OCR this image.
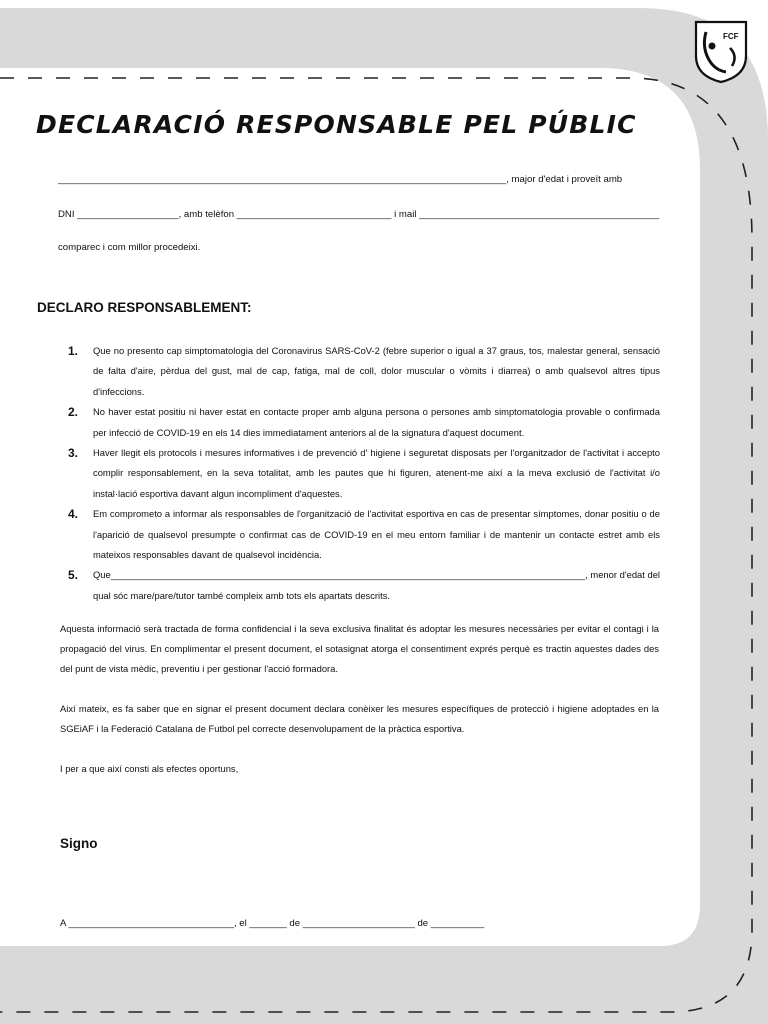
FCF
DECLARACIÓ RESPONSABLE PEL PÚBLIC
____________________________________________________________________________________, major d'edat i proveït amb
DNI ___________________, amb telèfon _____________________________ i mail _____________________________________________
comparec i com millor procedeixi.
DECLARO RESPONSABLEMENT:
1. Que no presento cap simptomatologia del Coronavirus SARS-CoV-2 (febre superior o igual a 37 graus, tos, malestar general, sensació de falta d'aire, pèrdua del gust, mal de cap, fatiga, mal de coll, dolor muscular o vòmits i diarrea) o amb qualsevol altres tipus d'infeccions.
2. No haver estat positiu ni haver estat en contacte proper amb alguna persona o persones amb simptomatologia provable o confirmada per infecció de COVID-19 en els 14 dies immediatament anteriors al de la signatura d'aquest document.
3. Haver llegit els protocols i mesures informatives i de prevenció d' higiene i seguretat disposats per l'organitzador de l'activitat i accepto complir responsablement, en la seva totalitat, amb les pautes que hi figuren, atenent-me així a la meva exclusió de l'activitat i/o instal·lació esportiva davant algun incompliment d'aquestes.
4. Em comprometo a informar als responsables de l'organització de l'activitat esportiva en cas de presentar símptomes, donar positiu o de l'aparició de qualsevol presumpte o confirmat cas de COVID-19 en el meu entorn familiar i de mantenir un contacte estret amb els mateixos responsables davant de qualsevol incidència.
5. Que___________________________________________________________________________________________, menor d'edat del qual sóc mare/pare/tutor també compleix amb tots els apartats descrits.

Aquesta informació serà tractada de forma confidencial i la seva exclusiva finalitat és adoptar les mesures necessàries per evitar el contagi i la propagació del virus. En complimentar el present document, el sotasignat atorga el consentiment exprés perquè es tractin aquestes dades des del punt de vista mèdic, preventiu i per gestionar l'acció formadora.

Així mateix, es fa saber que en signar el present document declara conèixer les mesures específiques de protecció i higiene adoptades en la SGEiAF i la Federació Catalana de Futbol pel correcte desenvolupament de la pràctica esportiva.

I per a que així consti als efectes oportuns,

Signo
A _______________________________, el _______ de _____________________ de __________
